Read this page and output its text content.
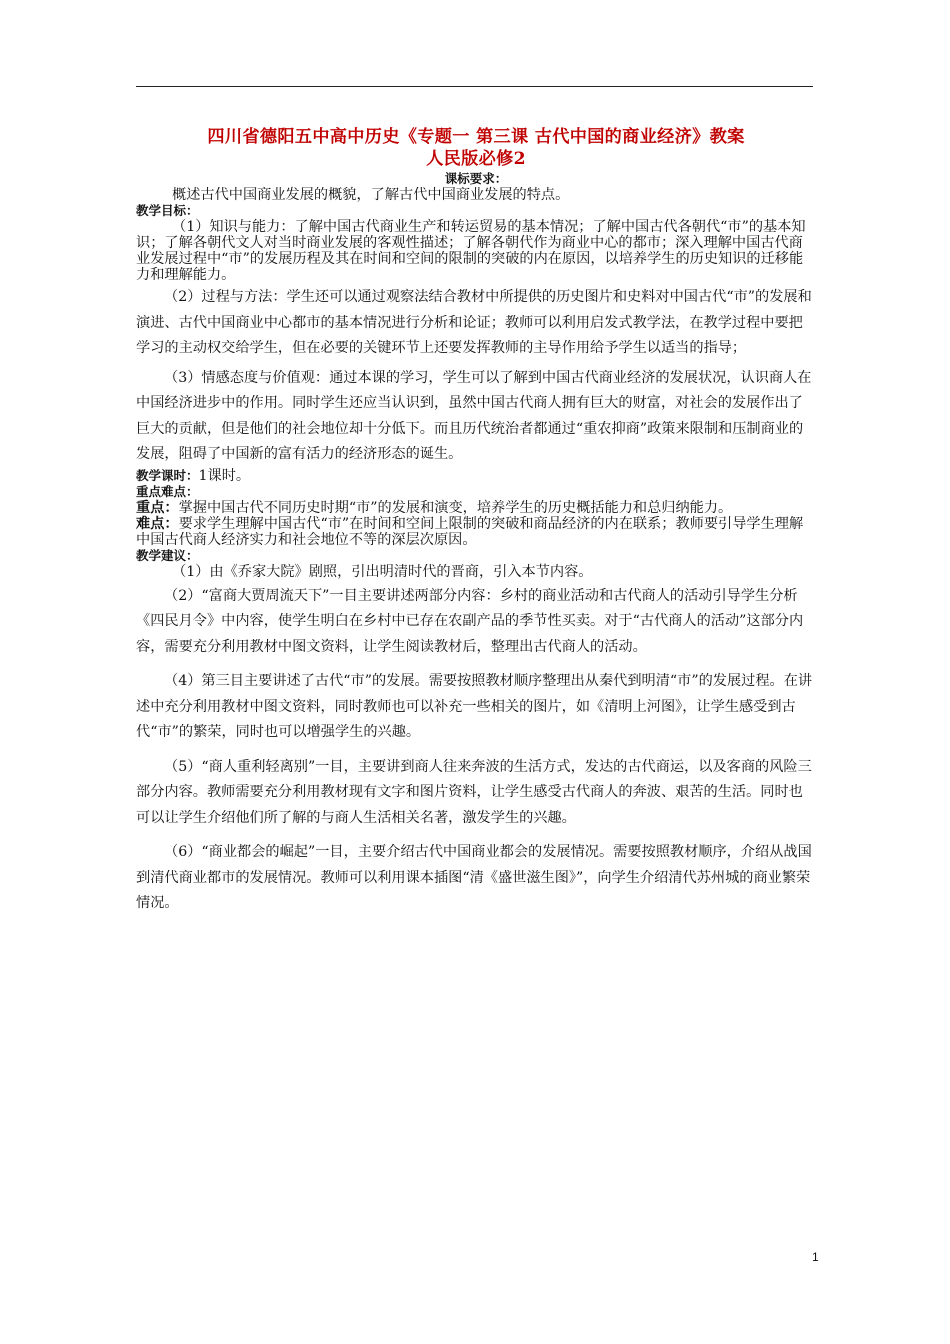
四川省德阳五中高中历史《专题一 第三课 古代中国的商业经济》教案

人民版必修2

课标要求：

概述古代中国商业发展的概貌，了解古代中国商业发展的特点。

教学目标：

（1）知识与能力：了解中国古代商业生产和转运贸易的基本情况；了解中国古代各朝代“市”的基本知识；了解各朝代文人对当时商业发展的客观性描述；了解各朝代作为商业中心的都市；深入理解中国古代商业发展过程中“市”的发展历程及其在时间和空间的限制的突破的内在原因，以培养学生的历史知识的迁移能力和理解能力。

（2）过程与方法：学生还可以通过观察法结合教材中所提供的历史图片和史料对中国古代“市”的发展和演进、古代中国商业中心都市的基本情况进行分析和论证；教师可以利用启发式教学法，在教学过程中要把学习的主动权交给学生，但在必要的关键环节上还要发挥教师的主导作用给予学生以适当的指导；

（3）情感态度与价值观：通过本课的学习，学生可以了解到中国古代商业经济的发展状况，认识商人在中国经济进步中的作用。同时学生还应当认识到，虽然中国古代商人拥有巨大的财富，对社会的发展作出了巨大的贡献，但是他们的社会地位却十分低下。而且历代统治者都通过“重农抑商”政策来限制和压制商业的发展，阻碍了中国新的富有活力的经济形态的诞生。

教学课时：1课时。

重点难点：

重点：掌握中国古代不同历史时期“市”的发展和演变，培养学生的历史概括能力和总归纳能力。

难点：要求学生理解中国古代“市”在时间和空间上限制的突破和商品经济的内在联系；教师要引导学生理解中国古代商人经济实力和社会地位不等的深层次原因。

教学建议：

（1）由《乔家大院》剧照，引出明清时代的晋商，引入本节内容。

（2）“富商大贾周流天下”一目主要讲述两部分内容：乡村的商业活动和古代商人的活动引导学生分析《四民月令》中内容，使学生明白在乡村中已存在农副产品的季节性买卖。对于“古代商人的活动”这部分内容，需要充分利用教材中图文资料，让学生阅读教材后，整理出古代商人的活动。

（4）第三目主要讲述了古代“市”的发展。需要按照教材顺序整理出从秦代到明清“市”的发展过程。在讲述中充分利用教材中图文资料，同时教师也可以补充一些相关的图片，如《清明上河图》，让学生感受到古代“市”的繁荣，同时也可以增强学生的兴趣。

（5）“商人重利轻离别”一目，主要讲到商人往来奔波的生活方式，发达的古代商运，以及客商的风险三部分内容。教师需要充分利用教材现有文字和图片资料，让学生感受古代商人的奔波、艰苦的生活。同时也可以让学生介绍他们所了解的与商人生活相关名著，激发学生的兴趣。

（6）“商业都会的崛起”一目，主要介绍古代中国商业都会的发展情况。需要按照教材顺序，介绍从战国到清代商业都市的发展情况。教师可以利用课本插图“清《盛世滋生图》”，向学生介绍清代苏州城的商业繁荣情况。

1
